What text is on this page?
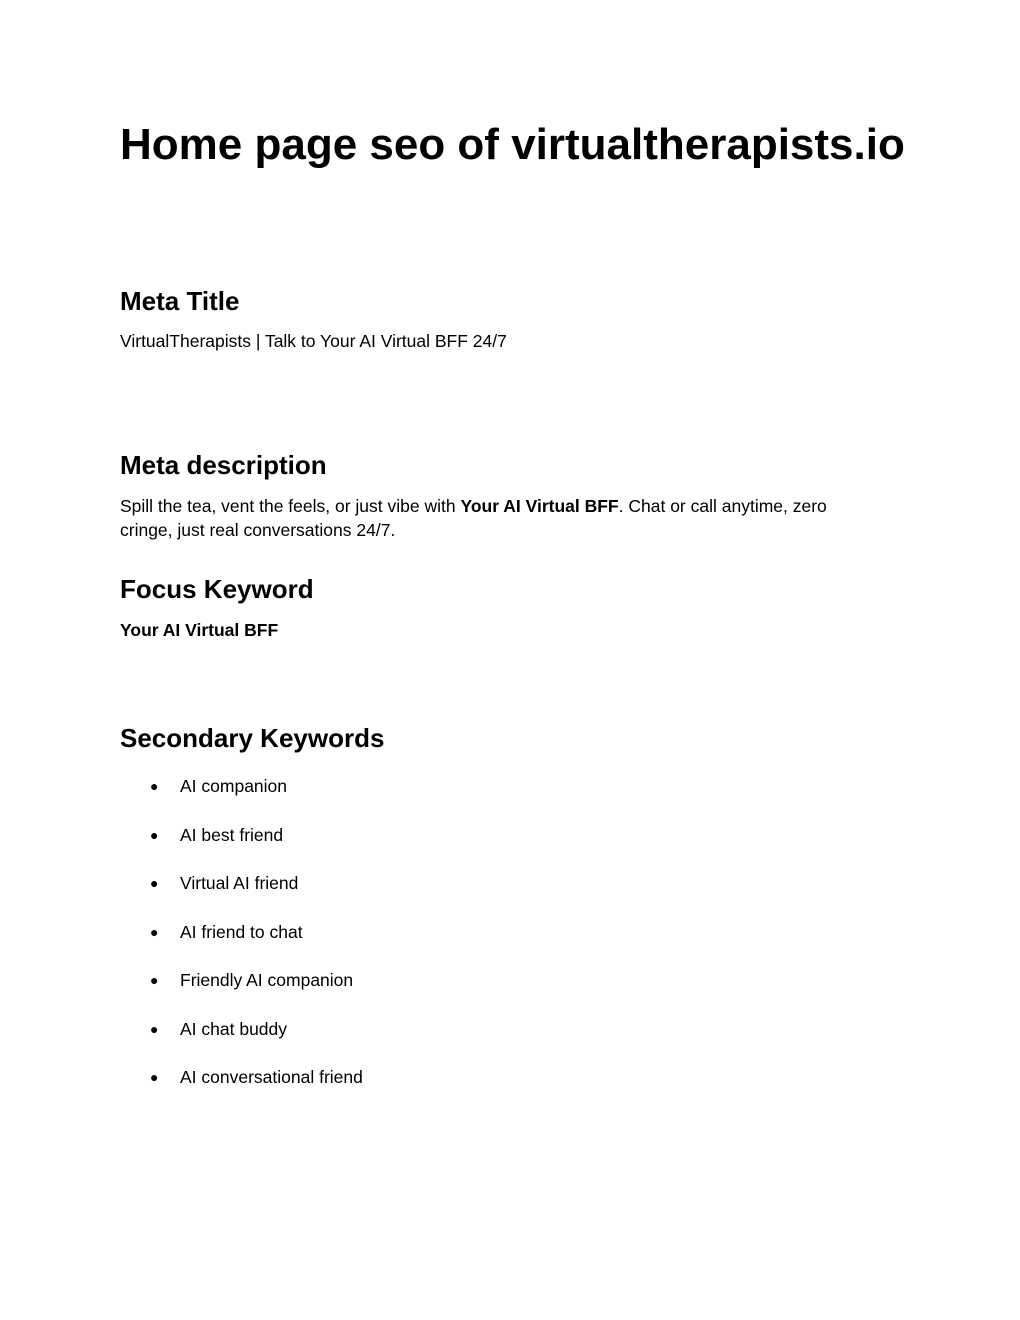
Home page seo of virtualtherapists.io
Meta Title

VirtualTherapists | Talk to Your AI Virtual BFF 24/7

Meta description

Spill the tea, vent the feels, or just vibe with Your AI Virtual BFF. Chat or call anytime, zero cringe, just real conversations 24/7.

Focus Keyword

Your AI Virtual BFF

Secondary Keywords
● AI companion
● AI best friend
● Virtual AI friend
● AI friend to chat
● Friendly AI companion
● AI chat buddy
● AI conversational friend
